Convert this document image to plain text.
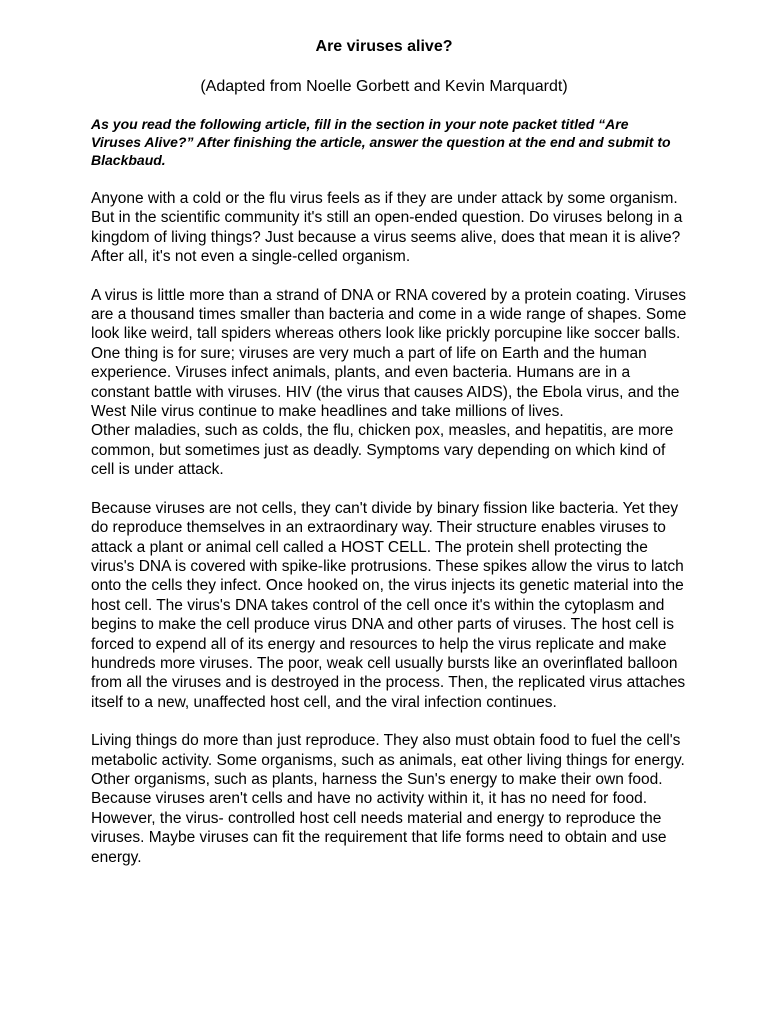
Are viruses alive?

(Adapted from Noelle Gorbett and Kevin Marquardt)

As you read the following article, fill in the section in your note packet titled “Are Viruses Alive?” After finishing the article, answer the question at the end and submit to Blackbaud.

Anyone with a cold or the flu virus feels as if they are under attack by some organism. But in the scientific community it's still an open-ended question. Do viruses belong in a kingdom of living things? Just because a virus seems alive, does that mean it is alive? After all, it's not even a single-celled organism.

A virus is little more than a strand of DNA or RNA covered by a protein coating. Viruses are a thousand times smaller than bacteria and come in a wide range of shapes. Some look like weird, tall spiders whereas others look like prickly porcupine like soccer balls. One thing is for sure; viruses are very much a part of life on Earth and the human experience. Viruses infect animals, plants, and even bacteria. Humans are in a constant battle with viruses. HIV (the virus that causes AIDS), the Ebola virus, and the West Nile virus continue to make headlines and take millions of lives.

Other maladies, such as colds, the flu, chicken pox, measles, and hepatitis, are more common, but sometimes just as deadly. Symptoms vary depending on which kind of cell is under attack.

Because viruses are not cells, they can't divide by binary fission like bacteria. Yet they do reproduce themselves in an extraordinary way. Their structure enables viruses to attack a plant or animal cell called a HOST CELL. The protein shell protecting the virus's DNA is covered with spike-like protrusions. These spikes allow the virus to latch onto the cells they infect. Once hooked on, the virus injects its genetic material into the host cell. The virus's DNA takes control of the cell once it's within the cytoplasm and begins to make the cell produce virus DNA and other parts of viruses. The host cell is forced to expend all of its energy and resources to help the virus replicate and make hundreds more viruses. The poor, weak cell usually bursts like an overinflated balloon from all the viruses and is destroyed in the process. Then, the replicated virus attaches itself to a new, unaffected host cell, and the viral infection continues.

Living things do more than just reproduce. They also must obtain food to fuel the cell's metabolic activity. Some organisms, such as animals, eat other living things for energy. Other organisms, such as plants, harness the Sun's energy to make their own food. Because viruses aren't cells and have no activity within it, it has no need for food. However, the virus- controlled host cell needs material and energy to reproduce the viruses. Maybe viruses can fit the requirement that life forms need to obtain and use energy.
